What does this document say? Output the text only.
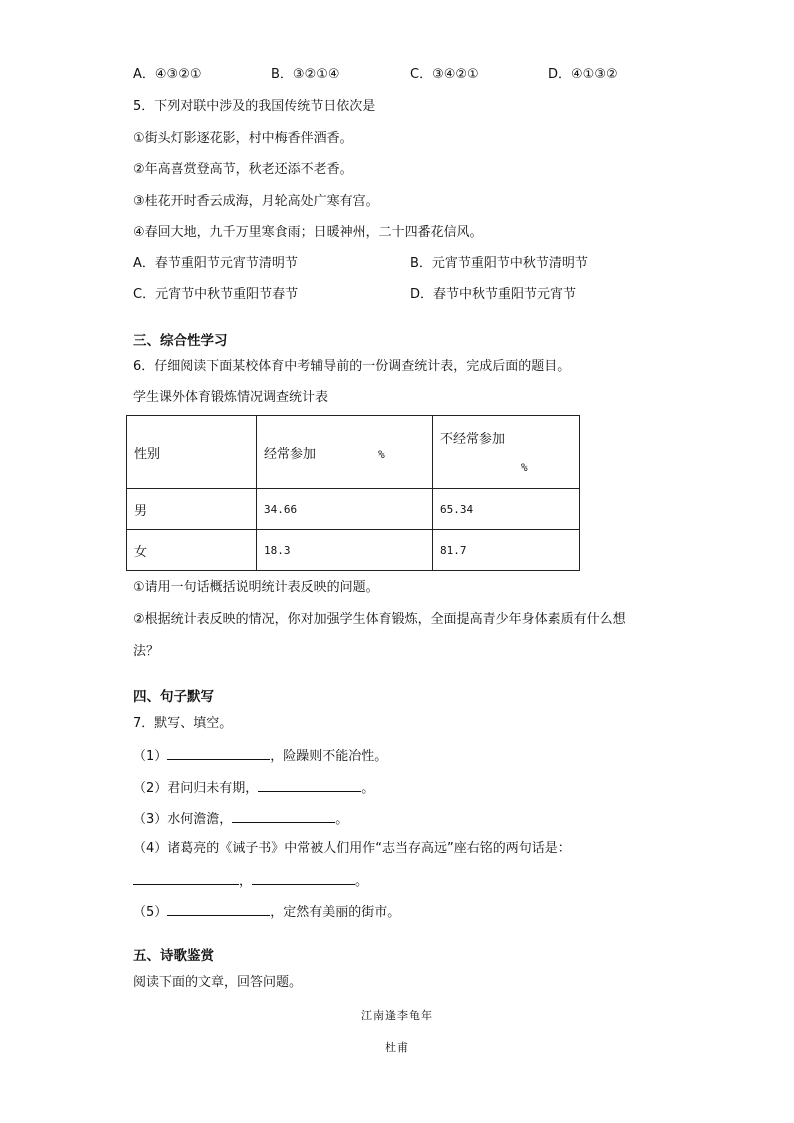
A．④③②①	B．③②①④	C．③④②①	D．④①③②
5．下列对联中涉及的我国传统节日依次是
①街头灯影逐花影，村中梅香伴酒香。
②年高喜赏登高节，秋老还添不老香。
③桂花开时香云成海，月轮高处广寒有宫。
④春回大地，九千万里寒食雨；日暖神州，二十四番花信风。
A．春节重阳节元宵节清明节	B．元宵节重阳节中秋节清明节
C．元宵节中秋节重阳节春节	D．春节中秋节重阳节元宵节
三、综合性学习
6．仔细阅读下面某校体育中考辅导前的一份调查统计表，完成后面的题目。
学生课外体育锻炼情况调查统计表
性别	经常参加 %	不经常参加
%

男	34.66	65.34
女	18.3	81.7
①请用一句话概括说明统计表反映的问题。
②根据统计表反映的情况，你对加强学生体育锻炼，全面提高青少年身体素质有什么想
法？
四、句子默写
7．默写、填空。
（1）	，险躁则不能冶性。
（2）君问归未有期，	。
（3）水何澹澹，	。
（4）诸葛亮的《诫子书》中常被人们用作“志当存高远”座右铭的两句话是：
，	。
（5）	，定然有美丽的街市。
五、诗歌鉴赏
阅读下面的文章，回答问题。
江南逢李龟年
杜甫
